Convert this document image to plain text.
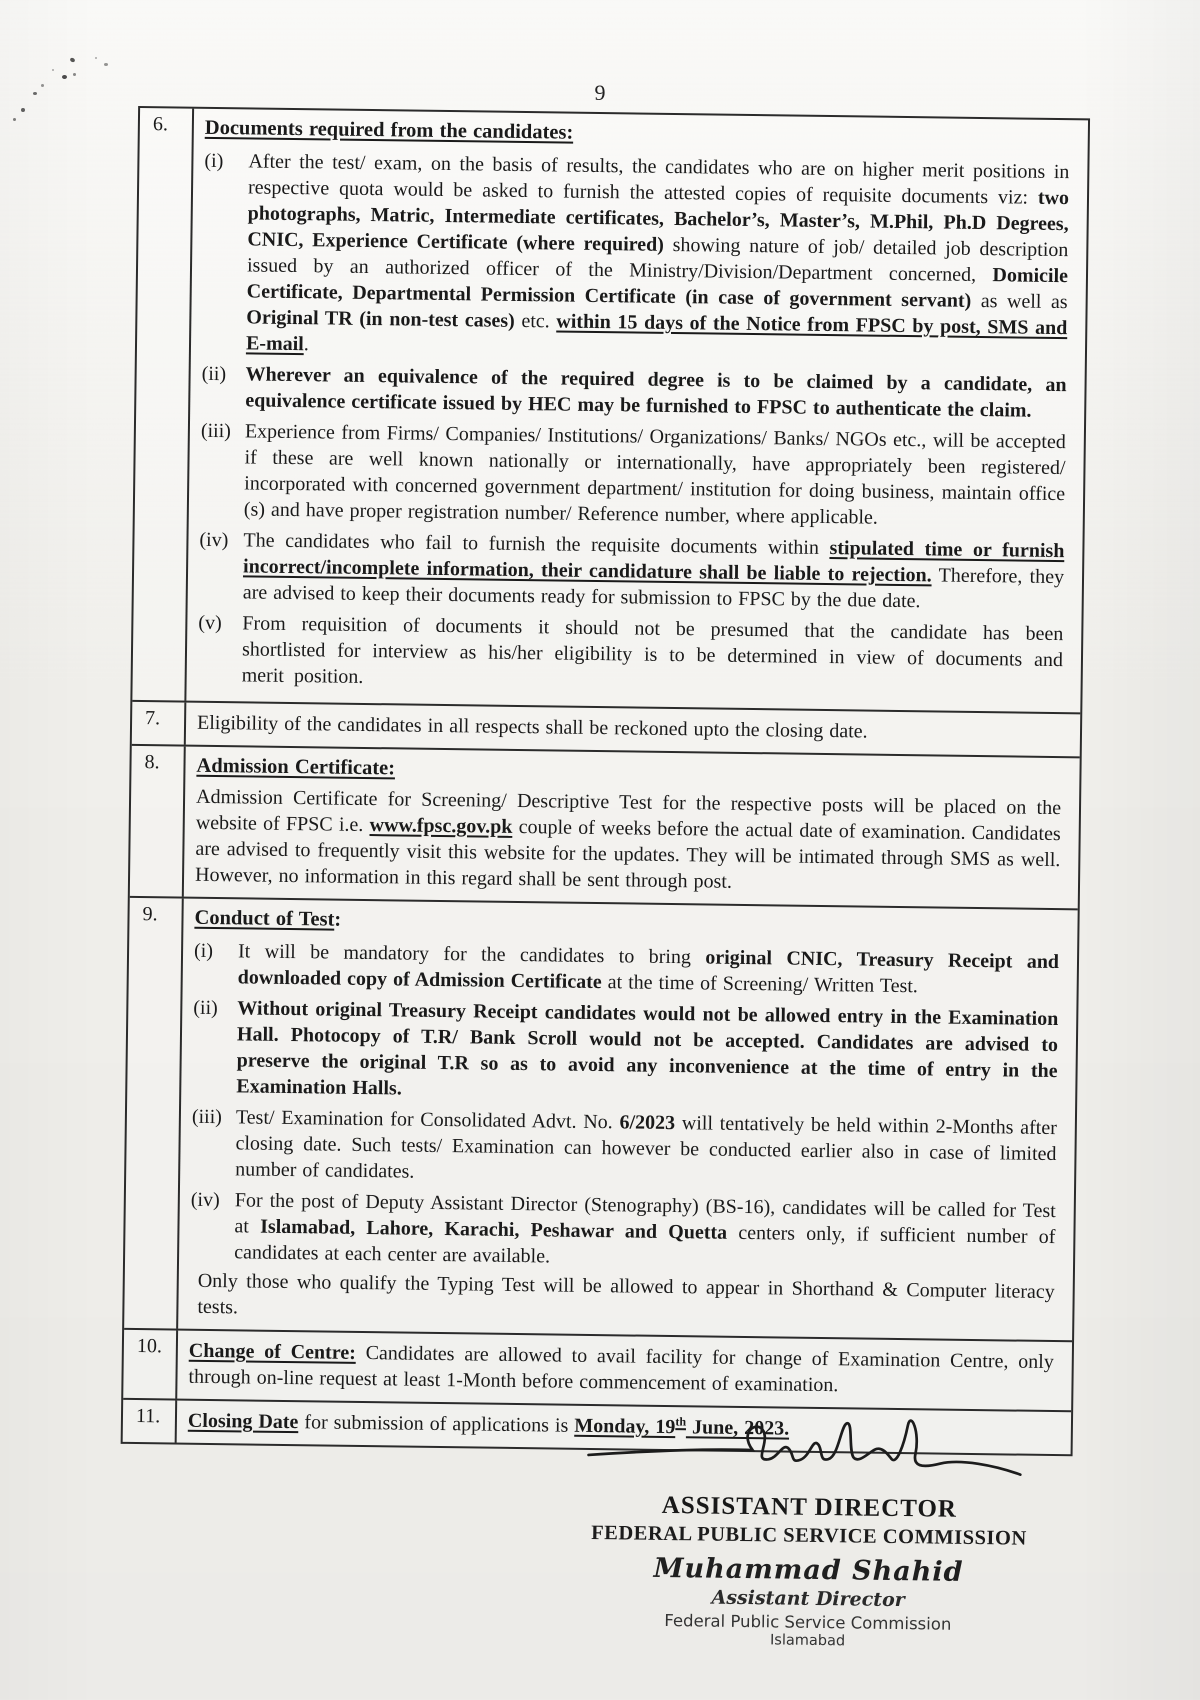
9
6.	Documents required from the candidates:
(i)	After the test/ exam, on the basis of results, the candidates who are on higher merit positions in respective quota would be asked to furnish the attested copies of requisite documents viz: two photographs, Matric, Intermediate certificates, Bachelor’s, Master’s, M.Phil, Ph.D Degrees, CNIC, Experience Certificate (where required) showing nature of job/ detailed job description issued by an authorized officer of the Ministry/Division/Department concerned, Domicile Certificate, Departmental Permission Certificate (in case of government servant) as well as Original TR (in non-test cases) etc. within 15 days of the Notice from FPSC by post, SMS and E-mail.
(ii) Wherever an equivalence of the required degree is to be claimed by a candidate, an equivalence certificate issued by HEC may be furnished to FPSC to authenticate the claim.
(iii) Experience from Firms/ Companies/ Institutions/ Organizations/ Banks/ NGOs etc., will be accepted if these are well known nationally or internationally, have appropriately been registered/ incorporated with concerned government department/ institution for doing business, maintain office (s) and have proper registration number/ Reference number, where applicable.
(iv) The candidates who fail to furnish the requisite documents within stipulated time or furnish incorrect/incomplete information, their candidature shall be liable to rejection. Therefore, they are advised to keep their documents ready for submission to FPSC by the due date.
(v)	From requisition of documents it should not be presumed that the candidate has been shortlisted for interview as his/her eligibility is to be determined in view of documents and merit position.
7.	Eligibility of the candidates in all respects shall be reckoned upto the closing date.
8.	Admission Certificate:
Admission Certificate for Screening/ Descriptive Test for the respective posts will be placed on the website of FPSC i.e. www.fpsc.gov.pk couple of weeks before the actual date of examination. Candidates are advised to frequently visit this website for the updates. They will be intimated through SMS as well. However, no information in this regard shall be sent through post.
9.	Conduct of Test:
(i)	It will be mandatory for the candidates to bring original CNIC, Treasury Receipt and downloaded copy of Admission Certificate at the time of Screening/ Written Test.
(ii) Without original Treasury Receipt candidates would not be allowed entry in the Examination Hall. Photocopy of T.R/ Bank Scroll would not be accepted. Candidates are advised to preserve the original T.R so as to avoid any inconvenience at the time of entry in the Examination Halls.
(iii) Test/ Examination for Consolidated Advt. No. 6/2023 will tentatively be held within 2-Months after closing date. Such tests/ Examination can however be conducted earlier also in case of limited number of candidates.
(iv) For the post of Deputy Assistant Director (Stenography) (BS-16), candidates will be called for Test at Islamabad, Lahore, Karachi, Peshawar and Quetta centers only, if sufficient number of candidates at each center are available.
Only those who qualify the Typing Test will be allowed to appear in Shorthand & Computer literacy tests.
10.	Change of Centre: Candidates are allowed to avail facility for change of Examination Centre, only through on-line request at least 1-Month before commencement of examination.
11.	Closing Date for submission of applications is Monday, 19th June, 2023.
ASSISTANT DIRECTOR
FEDERAL PUBLIC SERVICE COMMISSION
Muhammad Shahid
Assistant Director
Federal Public Service Commission
Islamabad
